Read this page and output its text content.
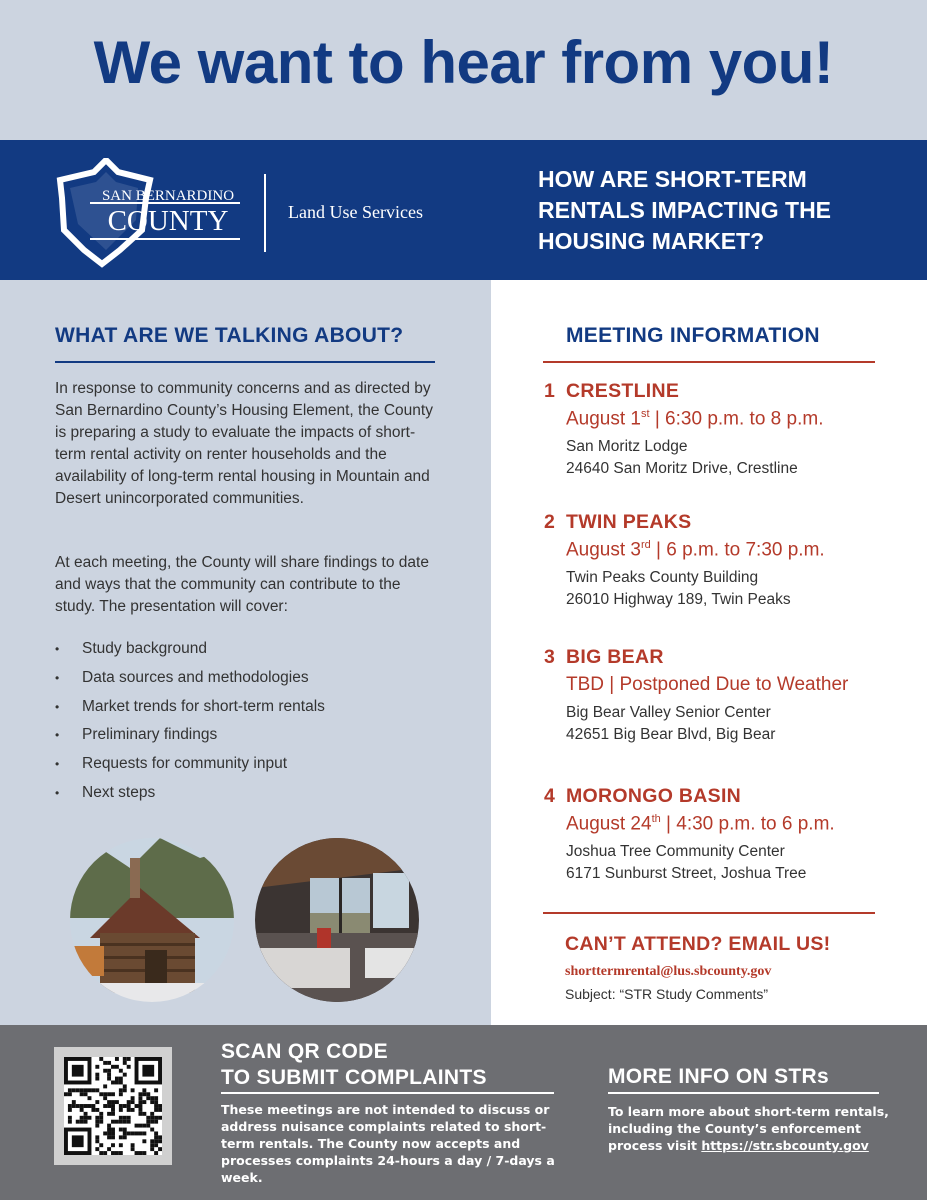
We want to hear from you!
SAN BERNARDINO
COUNTY	Land Use Services
HOW ARE SHORT-TERM RENTALS IMPACTING THE HOUSING MARKET?
WHAT ARE WE TALKING ABOUT?
In response to community concerns and as directed by San Bernardino County’s Housing Element, the County is preparing a study to evaluate the impacts of short-term rental activity on renter households and the availability of long-term rental housing in Mountain and Desert unincorporated communities.
At each meeting, the County will share findings to date and ways that the community can contribute to the study. The presentation will cover:
• Study background
• Data sources and methodologies
• Market trends for short-term rentals
• Preliminary findings
• Requests for community input
• Next steps
MEETING INFORMATION
1 CRESTLINE
August 1st | 6:30 p.m. to 8 p.m.
San Moritz Lodge
24640 San Moritz Drive, Crestline
2 TWIN PEAKS
August 3rd | 6 p.m. to 7:30 p.m.
Twin Peaks County Building
26010 Highway 189, Twin Peaks
3 BIG BEAR
TBD | Postponed Due to Weather
Big Bear Valley Senior Center
42651 Big Bear Blvd, Big Bear
4 MORONGO BASIN
August 24th | 4:30 p.m. to 6 p.m.
Joshua Tree Community Center
6171 Sunburst Street, Joshua Tree
CAN’T ATTEND? EMAIL US!
shorttermrental@lus.sbcounty.gov
Subject: “STR Study Comments”
SCAN QR CODE
TO SUBMIT COMPLAINTS
These meetings are not intended to discuss or address nuisance complaints related to short-term rentals. The County now accepts and processes complaints 24-hours a day / 7-days a week.
MORE INFO ON STRs
To learn more about short-term rentals, including the County’s enforcement process visit https://str.sbcounty.gov
